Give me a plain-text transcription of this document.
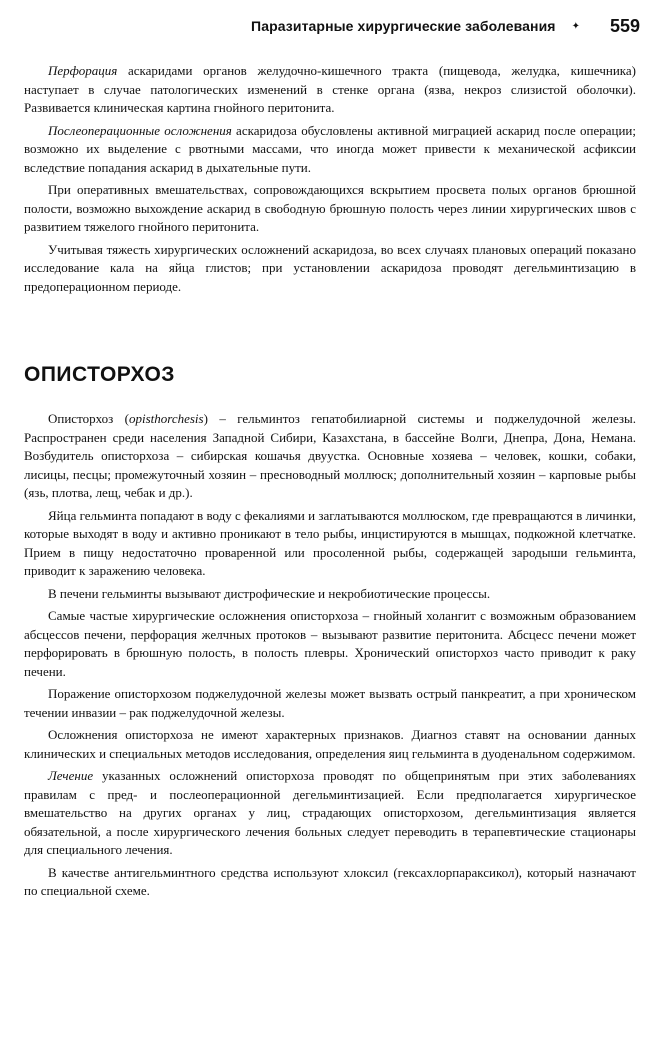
Паразитарные хирургические заболевания ✦	559

Перфорация аскаридами органов желудочно-кишечного тракта (пищевода, желудка, кишечника) наступает в случае патологических изменений в стенке органа (язва, некроз слизистой оболочки). Развивается клиническая картина гнойного перитонита.

Послеоперационные осложнения аскаридоза обусловлены активной миграцией аскарид после операции; возможно их выделение с рвотными массами, что иногда может привести к механической асфиксии вследствие попадания аскарид в дыхательные пути.

При оперативных вмешательствах, сопровождающихся вскрытием просвета полых органов брюшной полости, возможно выхождение аскарид в свободную брюшную полость через линии хирургических швов с развитием тяжелого гнойного перитонита.

Учитывая тяжесть хирургических осложнений аскаридоза, во всех случаях плановых операций показано исследование кала на яйца глистов; при установлении аскаридоза проводят дегельминтизацию в предоперационном периоде.

ОПИСТОРХОЗ

Описторхоз (opisthorchesis) – гельминтоз гепатобилиарной системы и поджелудочной железы. Распространен среди населения Западной Сибири, Казахстана, в бассейне Волги, Днепра, Дона, Немана. Возбудитель описторхоза – сибирская кошачья двуустка. Основные хозяева – человек, кошки, собаки, лисицы, песцы; промежуточный хозяин – пресноводный моллюск; дополнительный хозяин – карповые рыбы (язь, плотва, лещ, чебак и др.).

Яйца гельминта попадают в воду с фекалиями и заглатываются моллюском, где превращаются в личинки, которые выходят в воду и активно проникают в тело рыбы, инцистируются в мышцах, подкожной клетчатке. Прием в пищу недостаточно проваренной или просоленной рыбы, содержащей зародыши гельминта, приводит к заражению человека.

В печени гельминты вызывают дистрофические и некробиотические процессы.

Самые частые хирургические осложнения описторхоза – гнойный холангит с возможным образованием абсцессов печени, перфорация желчных протоков – вызывают развитие перитонита. Абсцесс печени может перфорировать в брюшную полость, в полость плевры. Хронический описторхоз часто приводит к раку печени.

Поражение описторхозом поджелудочной железы может вызвать острый панкреатит, а при хроническом течении инвазии – рак поджелудочной железы.

Осложнения описторхоза не имеют характерных признаков. Диагноз ставят на основании данных клинических и специальных методов исследования, определения яиц гельминта в дуоденальном содержимом.

Лечение указанных осложнений описторхоза проводят по общепринятым при этих заболеваниях правилам с пред- и послеоперационной дегельминтизацией. Если предполагается хирургическое вмешательство на других органах у лиц, страдающих описторхозом, дегельминтизация является обязательной, а после хирургического лечения больных следует переводить в терапевтические стационары для специального лечения.

В качестве антигельминтного средства используют хлоксил (гексахлорпараксикол), который назначают по специальной схеме.
